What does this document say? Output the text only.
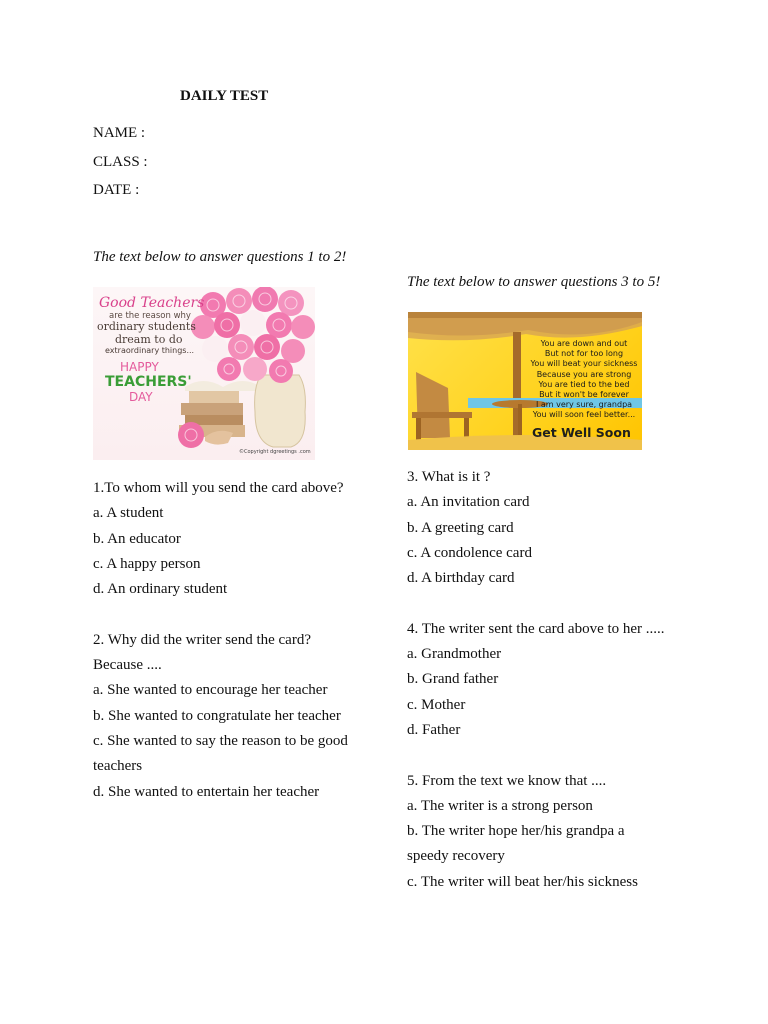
DAILY TEST
NAME :
CLASS :
DATE :
The text below to answer questions 1 to 2!
Good Teachers
are the reason why
ordinary students
dream to do
extraordinary things...
HAPPY
TEACHERS'
DAY
©Copyright dgreetings .com
1.To whom will you send the card above?
a. A student
b. An educator
c. A happy person
d. An ordinary student
2. Why did the writer send the card?
Because ....
a. She wanted to encourage her teacher
b. She wanted to congratulate her teacher
c. She wanted to say the reason to be good
teachers
d. She wanted to entertain her teacher
The text below to answer questions 3 to 5!
You are down and out
But not for too long
You will beat your sickness
Because you are strong
You are tied to the bed
But it won't be forever
I am very sure, grandpa
You will soon feel better...
Get Well Soon
3. What is it ?
a. An invitation card
b. A greeting card
c. A condolence card
d. A birthday card
4. The writer sent the card above to her .....
a. Grandmother
b. Grand father
c. Mother
d. Father
5. From the text we know that ....
a. The writer is a strong person
b. The writer hope her/his grandpa a
speedy recovery
c. The writer will beat her/his sickness
